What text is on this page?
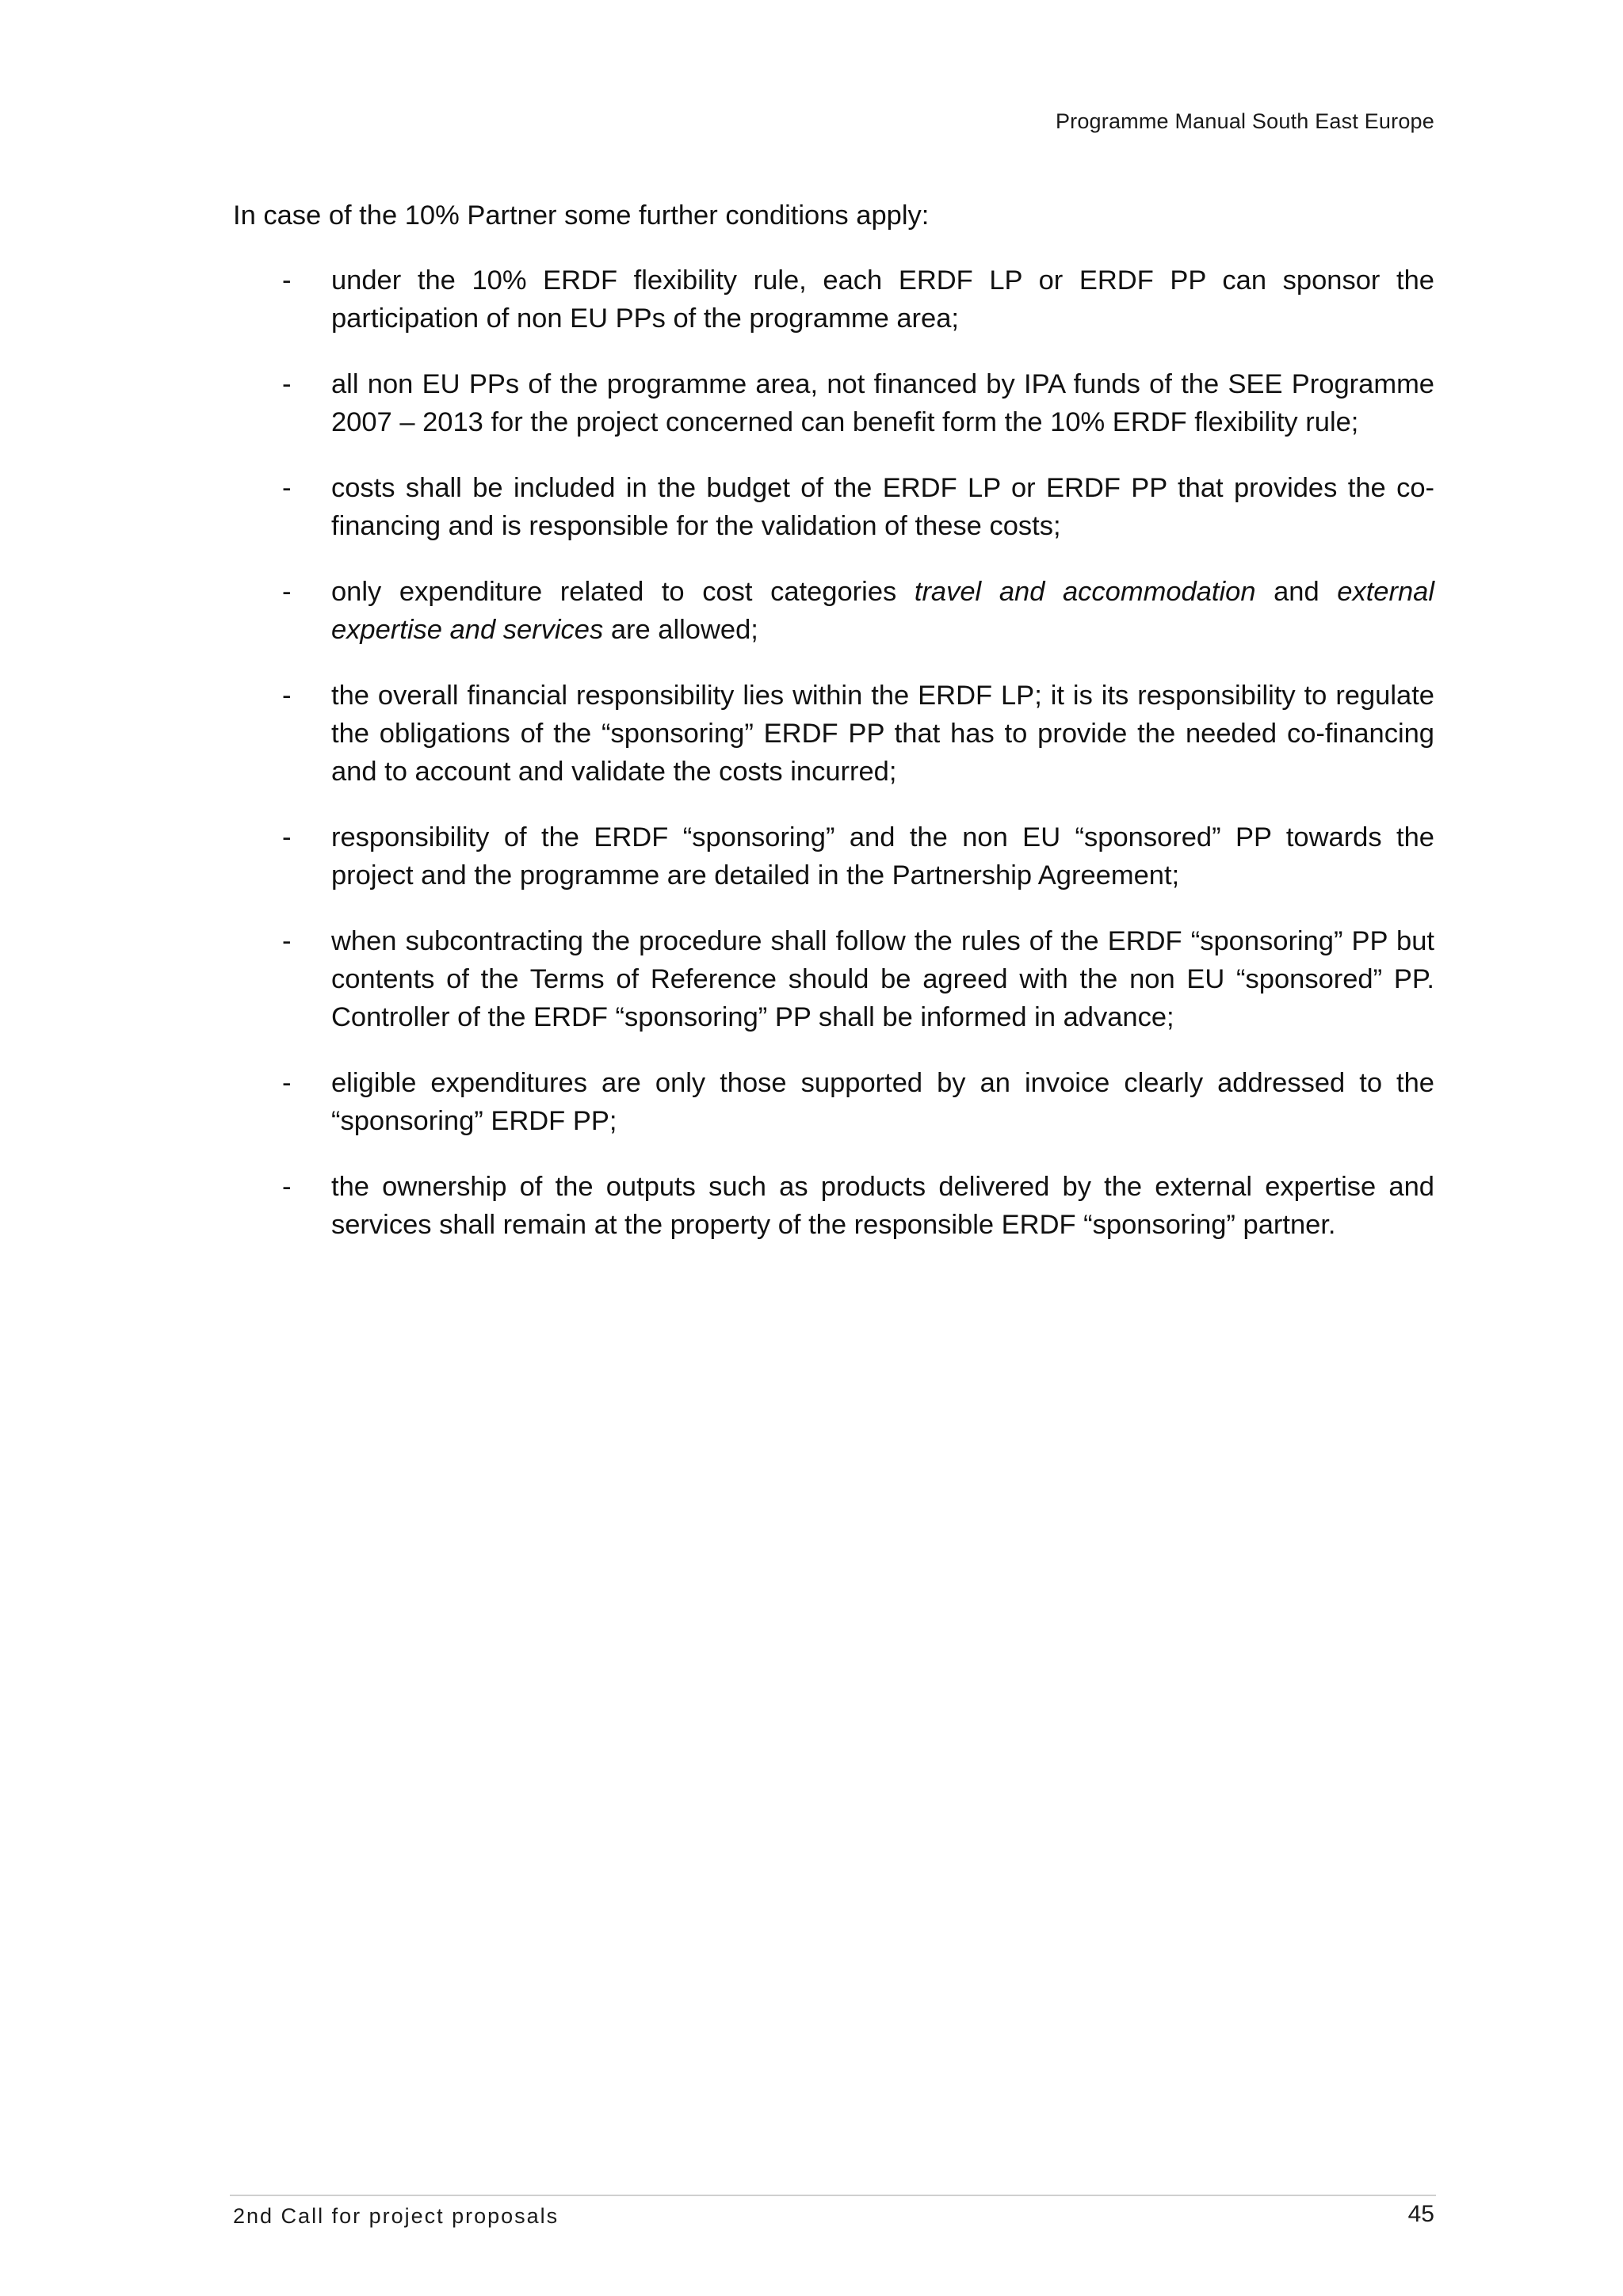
Programme Manual South East Europe

In case of the 10% Partner some further conditions apply:

- under the 10% ERDF flexibility rule, each ERDF LP or ERDF PP can sponsor the participation of non EU PPs of the programme area;
- all non EU PPs of the programme area, not financed by IPA funds of the SEE Programme 2007 – 2013 for the project concerned can benefit form the 10% ERDF flexibility rule;
- costs shall be included in the budget of the ERDF LP or ERDF PP that provides the co-financing and is responsible for the validation of these costs;
- only expenditure related to cost categories travel and accommodation and external expertise and services are allowed;
- the overall financial responsibility lies within the ERDF LP; it is its responsibility to regulate the obligations of the “sponsoring” ERDF PP that has to provide the needed co-financing and to account and validate the costs incurred;
- responsibility of the ERDF “sponsoring” and the non EU “sponsored” PP towards the project and the programme are detailed in the Partnership Agreement;
- when subcontracting the procedure shall follow the rules of the ERDF “sponsoring” PP but contents of the Terms of Reference should be agreed with the non EU “sponsored” PP. Controller of the ERDF “sponsoring” PP shall be informed in advance;
- eligible expenditures are only those supported by an invoice clearly addressed to the “sponsoring” ERDF PP;
- the ownership of the outputs such as products delivered by the external expertise and services shall remain at the property of the responsible ERDF “sponsoring” partner.
2nd Call for project proposals	45
